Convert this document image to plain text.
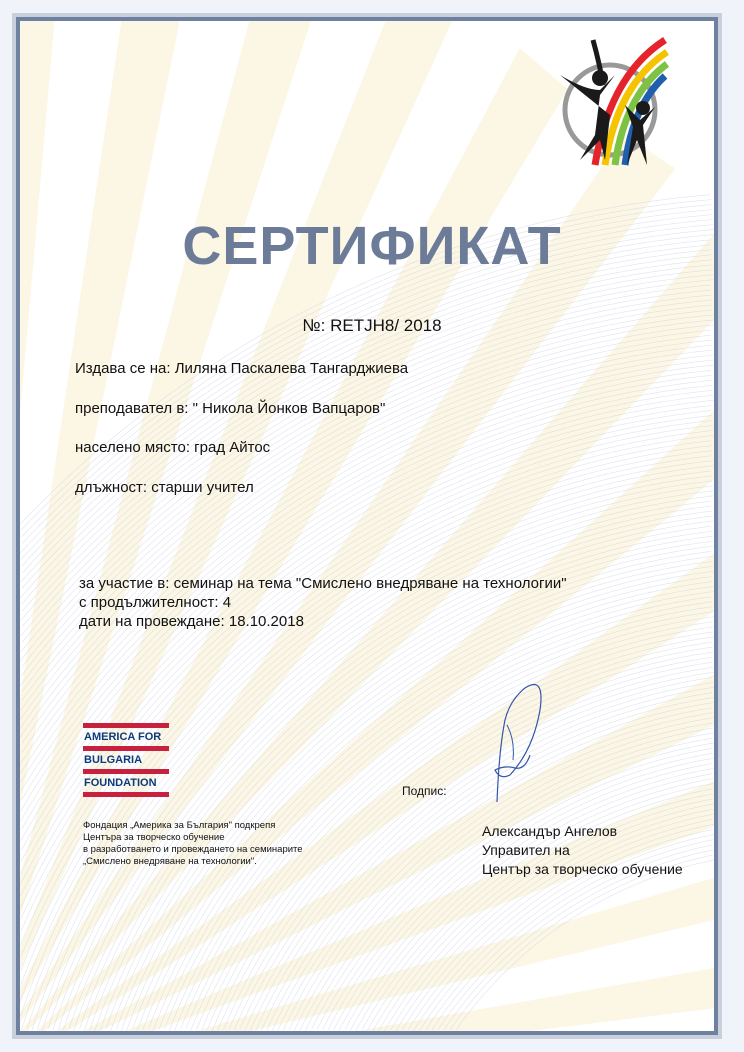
СЕРТИФИКАТ
№: RETJH8/ 2018
Издава се на: Лиляна Паскалева Тангарджиева
преподавател в: " Никола Йонков Вапцаров"
населено място: град Айтос
длъжност: старши учител
за участие в: семинар на тема "Смислено внедряване на технологии"
с продължителност: 4
дати на провеждане: 18.10.2018
AMERICA FOR
BULGARIA
FOUNDATION
Фондация „Америка за България" подкрепя
Центъра за творческо обучение
в разработването и провеждането на семинарите
„Смислено внедряване на технологии".
Подпис:
Александър Ангелов
Управител на
Център за творческо обучение
